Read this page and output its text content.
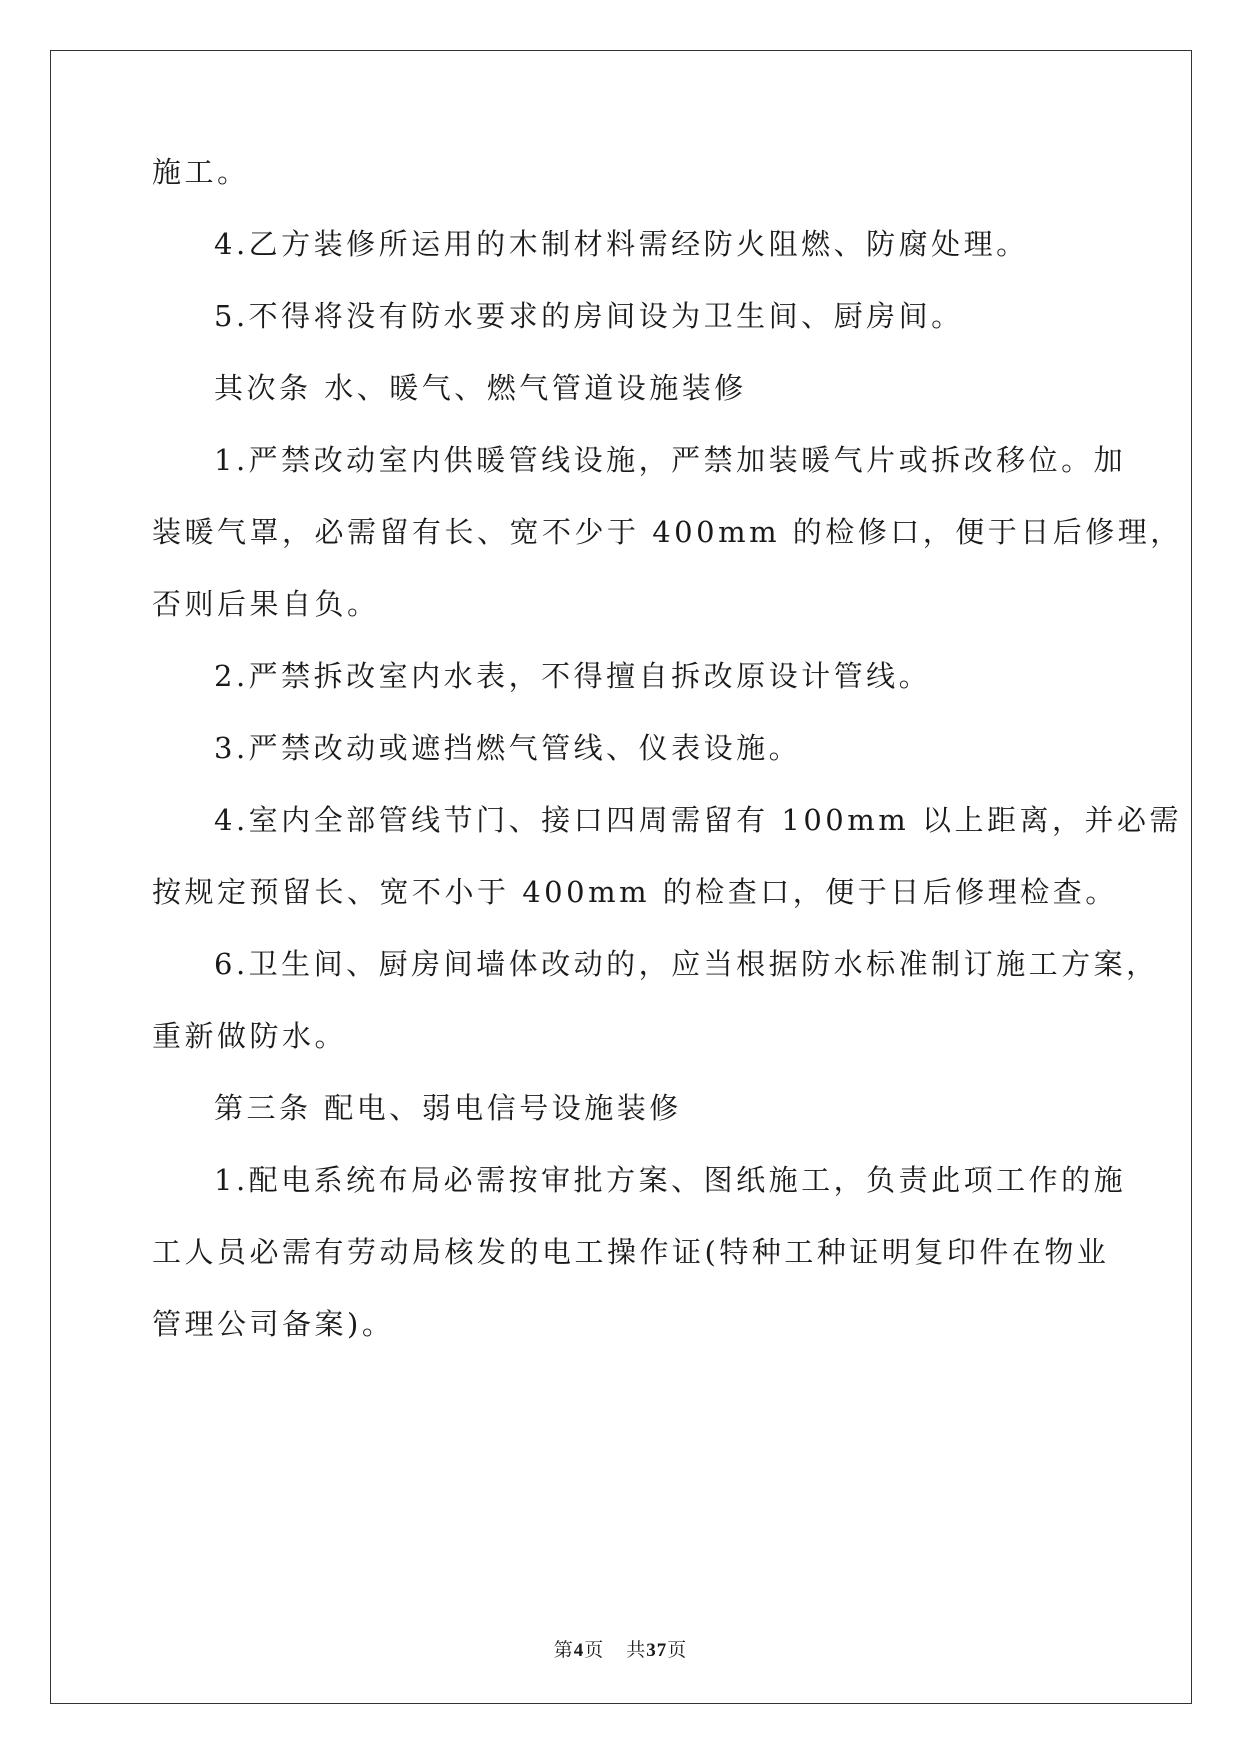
施工。
4.乙方装修所运用的木制材料需经防火阻燃、防腐处理。
5.不得将没有防水要求的房间设为卫生间、厨房间。
其次条 水、暖气、燃气管道设施装修
1.严禁改动室内供暖管线设施，严禁加装暖气片或拆改移位。加
装暖气罩，必需留有长、宽不少于 400mm 的检修口，便于日后修理，
否则后果自负。
2.严禁拆改室内水表，不得擅自拆改原设计管线。
3.严禁改动或遮挡燃气管线、仪表设施。
4.室内全部管线节门、接口四周需留有 100mm 以上距离，并必需
按规定预留长、宽不小于 400mm 的检查口，便于日后修理检查。
6.卫生间、厨房间墙体改动的，应当根据防水标准制订施工方案，
重新做防水。
第三条 配电、弱电信号设施装修
1.配电系统布局必需按审批方案、图纸施工，负责此项工作的施
工人员必需有劳动局核发的电工操作证(特种工种证明复印件在物业
管理公司备案)。
第4页 共37页
